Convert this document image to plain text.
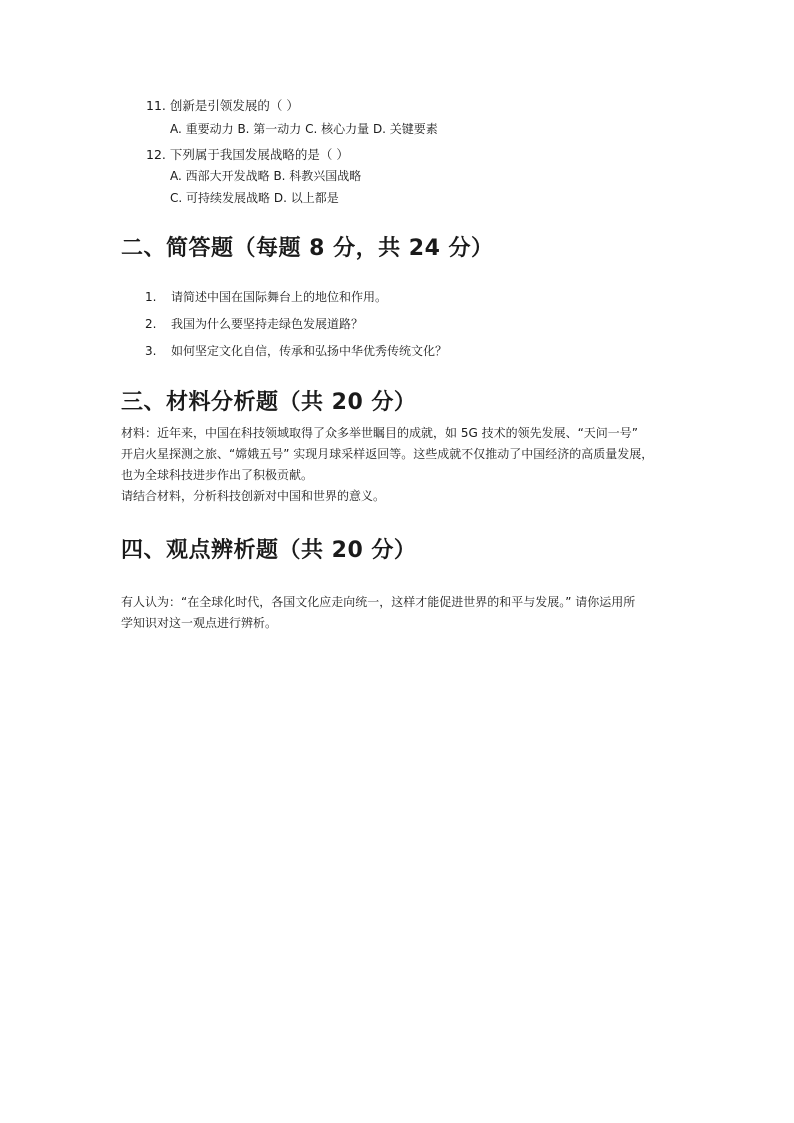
11. 创新是引领发展的（ ）
A. 重要动力 B. 第一动力 C. 核心力量 D. 关键要素
12. 下列属于我国发展战略的是（ ）
A. 西部大开发战略 B. 科教兴国战略
C. 可持续发展战略 D. 以上都是
二、简答题（每题 8 分，共 24 分）
1. 请简述中国在国际舞台上的地位和作用。
2. 我国为什么要坚持走绿色发展道路？
3. 如何坚定文化自信，传承和弘扬中华优秀传统文化？
三、材料分析题（共 20 分）
材料：近年来，中国在科技领域取得了众多举世瞩目的成就，如 5G 技术的领先发展、“天问一号”
开启火星探测之旅、“嫦娥五号” 实现月球采样返回等。这些成就不仅推动了中国经济的高质量发展，
也为全球科技进步作出了积极贡献。
请结合材料，分析科技创新对中国和世界的意义。
四、观点辨析题（共 20 分）
有人认为：“在全球化时代，各国文化应走向统一，这样才能促进世界的和平与发展。” 请你运用所
学知识对这一观点进行辨析。
